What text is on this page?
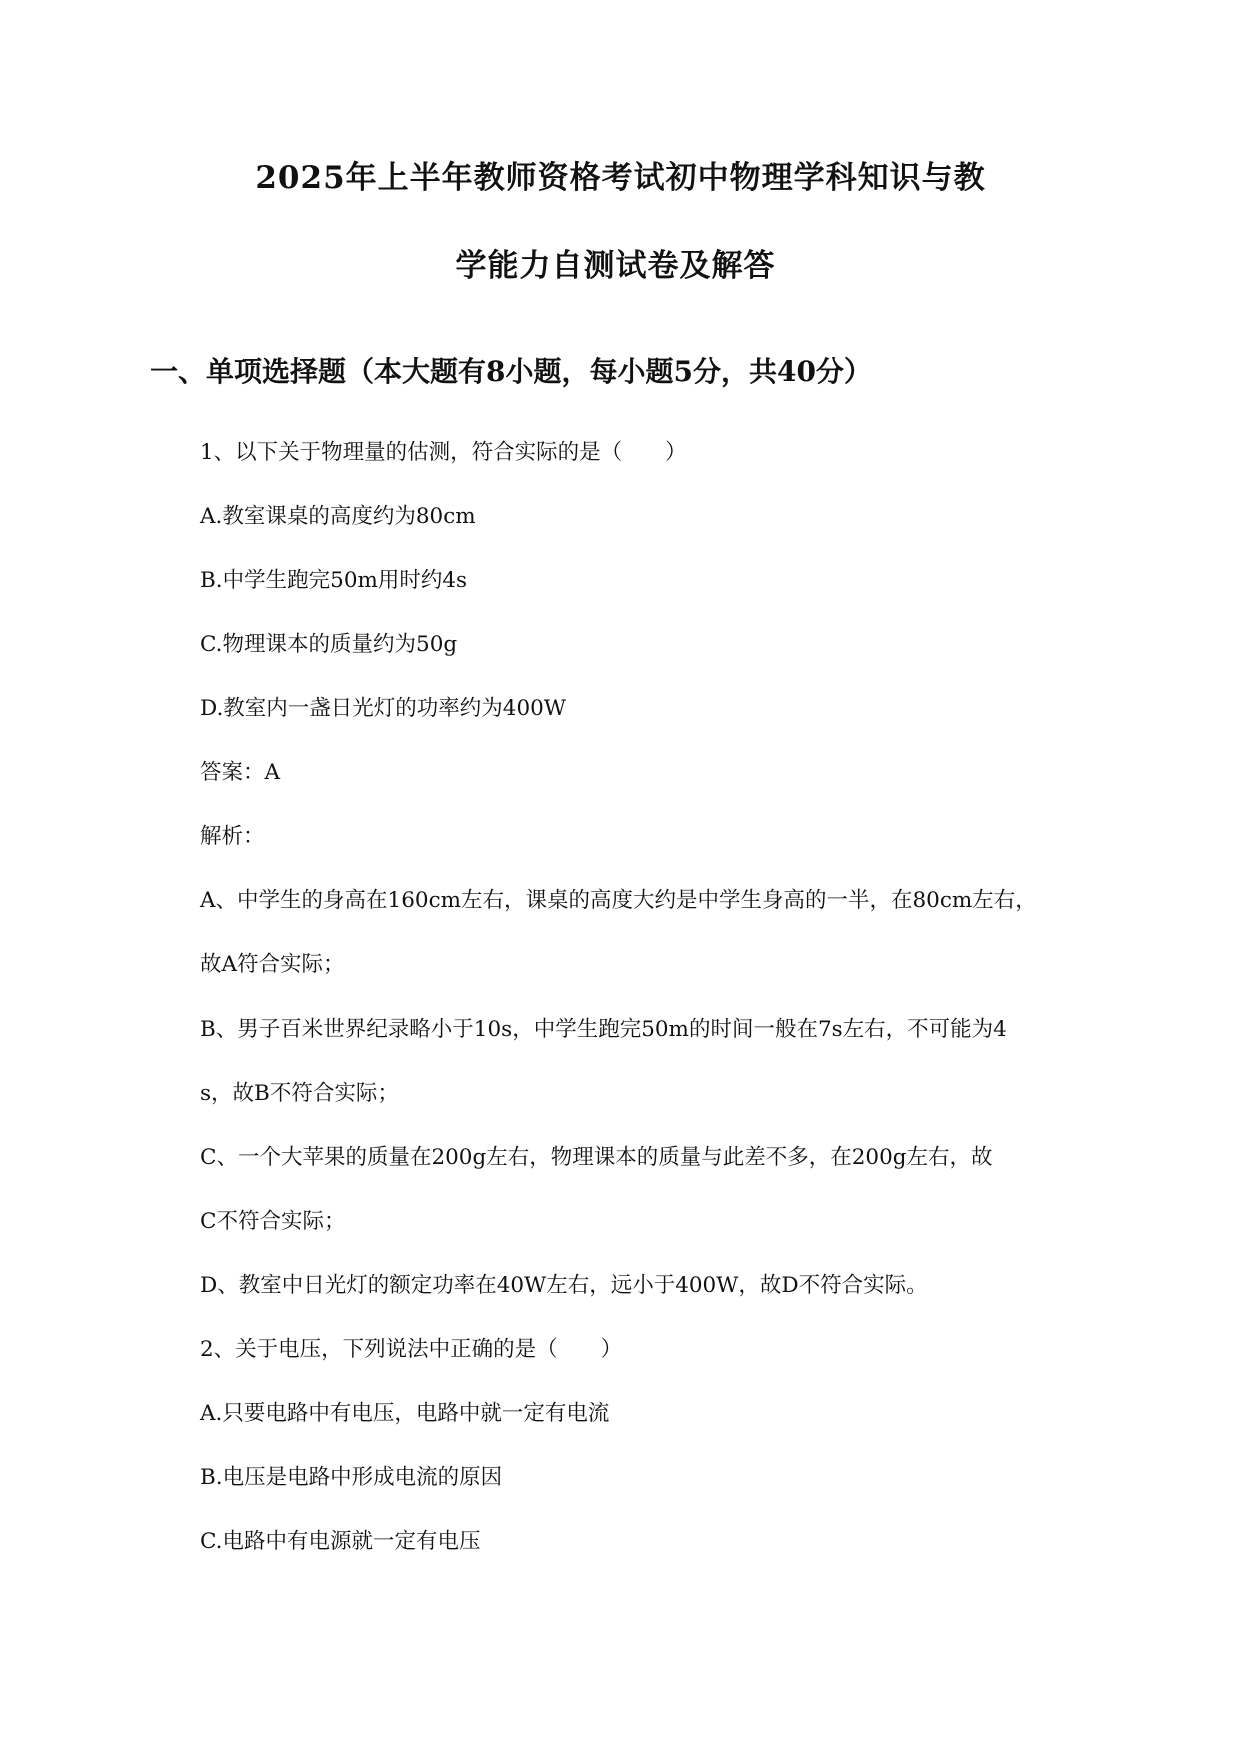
2025年上半年教师资格考试初中物理学科知识与教
学能力自测试卷及解答
一、单项选择题（本大题有8小题，每小题5分，共40分）
1、以下关于物理量的估测，符合实际的是（　　）
A.教室课桌的高度约为80cm
B.中学生跑完50m用时约4s
C.物理课本的质量约为50g
D.教室内一盏日光灯的功率约为400W
答案：A
解析：
A、中学生的身高在160cm左右，课桌的高度大约是中学生身高的一半，在80cm左右，
故A符合实际；
B、男子百米世界纪录略小于10s，中学生跑完50m的时间一般在7s左右，不可能为4
s，故B不符合实际；
C、一个大苹果的质量在200g左右，物理课本的质量与此差不多，在200g左右，故
C不符合实际；
D、教室中日光灯的额定功率在40W左右，远小于400W，故D不符合实际。
2、关于电压，下列说法中正确的是（　　）
A.只要电路中有电压，电路中就一定有电流
B.电压是电路中形成电流的原因
C.电路中有电源就一定有电压
